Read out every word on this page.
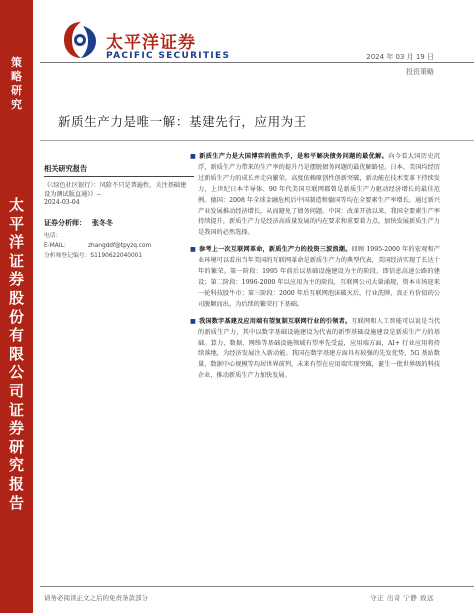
策略研究
太平洋证券股份有限公司证券研究报告
太平洋证券
PACIFIC SECURITIES	2024 年 03 月 19 日
投资策略
新质生产力是唯一解：基建先行，应用为王
相关研究报告
《〈绿色社区银行〉：风险不只是普遍性，关注基础建设为测试版直通》》--
2024-03-04
证券分析师： 张冬冬
电话：
E-MAIL：	zhangddf@tpyzq.com
分析师登记编号：S1190622040001

■ 新质生产力是大国博弈的胜负手，是和平解决债务问题的最优解。向今看大国历史沉浮，新质生产力带来的生产率的提升乃是摆脱债务问题的最优解路径。日本、美国均经历过新质生产力的成长并走向繁荣，高度依赖原创性创新突破，新动能在技术变革下持续发力，上世纪日本半导体、90 年代美国互联网都曾是新质生产力驱动经济增长的最佳范例。德国：2008 年全球金融危机后中国制造和德国等均在全要素生产率增长，通过新兴产业发展推动经济增长，从而避免了债务问题。中国：改革开放以来，我国全要素生产率持续提升，新质生产力是经济高质量发展的内在要求和重要着力点，加快发展新质生产力是我国的必然选择。

■ 参考上一次互联网革命，新质生产力的投资三波浪潮。回顾 1995-2000 年的宏观和产业环境可以看出当年美国的互联网革命是新质生产力的典型代表，美国经济实现了长达十年的繁荣。第一阶段：1995 年前后以基础设施建设为主的阶段，即信息高速公路的建设；第二阶段：1996-2000 年以应用为主的阶段，互联网公司大量涌现，资本市场迎来一轮科技股牛市；第三阶段：2000 年后互联网泡沫破灭后，行业洗牌，真正有价值的公司脱颖而出，为后续的繁荣打下基础。

■ 我国数字基建及应用端有望复制互联网行业的引领者。互联网和人工智能可以说是当代的新质生产力，其中以数字基础设施建设为代表的新型基础设施建设是新质生产力的基础。算力、数据、网络等基础设施领域有望率先受益，应用端方面，AI+ 行业应用将持续落地，为经济发展注入新动能。我国在数字基建方面具有较强的先发优势，5G 基站数量、数据中心规模等均居世界前列，未来有望在应用端实现突破，诞生一批世界级的科技企业，推动新质生产力加快发展。

请务必阅读正文之后的免责条款部分	守正 出奇 宁静 致远
